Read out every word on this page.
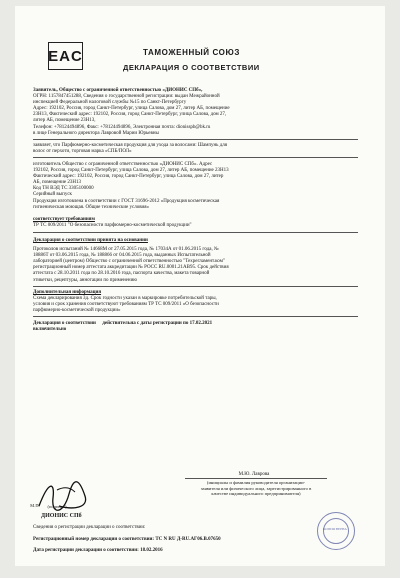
EAC	ТАМОЖЕННЫЙ СОЮЗ
ДЕКЛАРАЦИЯ О СООТВЕТСТВИИ
Заявитель, Общество с ограниченной ответственностью «ДИОНИС СПб»,
ОГРН: 1157847451288, Сведения о государственной регистрации: выдан Межрайонной
инспекцией Федеральной налоговой службы №15 по Санкт-Петербургу
Адрес: 192102, Россия, город Санкт-Петербург, улица Салова, дом 27, литер АБ, помещение
23Н13, Фактический адрес: 192102, Россия, город Санкт-Петербург, улица Салова, дом 27,
литер АБ, помещение 23Н13,
Телефон: +78124494896, Факс: +78124494896, Электронная почта: dionisspb@bk.ru
в лице Генерального директора Лавровой Марии Юрьевны
заявляет, что Парфюмерно-косметическая продукция для ухода за волосами: Шампунь для
волос от перхоти, торговая марка «СПБ/ПОЛ»
изготовитель Общество с ограниченной ответственностью «ДИОНИС СПб». Адрес
192102, Россия, город Санкт-Петербург, улица Салова, дом 27, литер АБ, помещение 23Н13
Фактический адрес: 192102, Россия, город Санкт-Петербург, улица Салова, дом 27, литер
АБ, помещение 23Н13
Код ТН ВЭД ТС 3305100000
Серийный выпуск
Продукция изготовлена в соответствии с ГОСТ 31696-2012 «Продукция косметическая
гигиеническая моющая. Общие технические условия»
соответствует требованиям
ТР ТС 009/2011 "О безопасности парфюмерно-косметической продукции"
Декларация о соответствии принята на основании
Протоколов испытаний № 14668М от 27.05.2015 года, № 17034А от 01.06.2015 года, №
18886Т от 03.06.2015 года, № 188866 от 04.06.2015 года, выданных Испытательной
лабораторией (центром) Общество с ограниченной ответственностью "Техрегламент.ком"
регистрационный номер аттестата аккредитации № РОСС RU.0001.21АВ95. Срок действия
аттестата с 28.10.2011 года по 28.10.2016 года, паспорта качества, макета товарной
этикетки, рецептуры, аннотации по применению
Дополнительная информация
Схема декларирования 3д. Срок годности указан в маркировке потребительской тары,
условия и срок хранения соответствуют требованиям ТР ТС 009/2011 «О безопасности
парфюмерно-косметической продукции»
Декларация о соответствии действительна с даты регистрации по 17.02.2021
включительно
(подпись)
ДИОНИС СПб
М.П.
М.Ю. Лаврова
(инициалы и фамилия руководителя организации-
заявителя или физического лица, зарегистрированного в
качестве индивидуального предпринимателя)
Сведения о регистрации декларации о соответствии:
Регистрационный номер декларации о соответствии: ТС N RU Д-RU.АГ06.В.07650
Дата регистрации декларации о соответствии: 18.02.2016
КОПИЯ ВЕРНА
